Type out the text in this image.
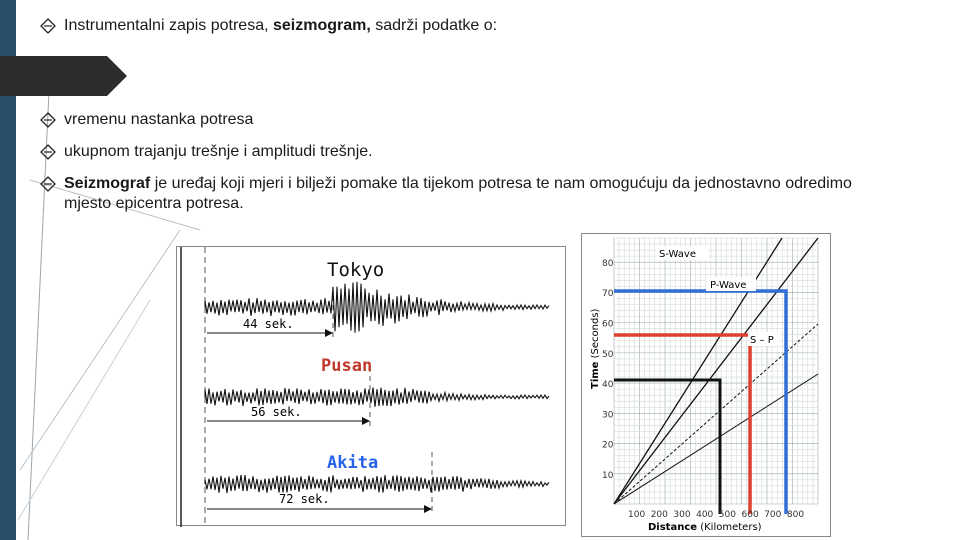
Instrumentalni zapis potresa, seizmogram, sadrži podatke o:
vremenu nastanka potresa
ukupnom trajanju trešnje i amplitudi trešnje.
Seizmograf je uređaj koji mjeri i bilježi pomake tla tijekom potresa te nam omogućuju da jednostavno odredimo mjesto epicentra potresa.
Tokyo
Pusan
Akita
44 sek.
56 sek.
72 sek.
S-Wave
P-Wave
S – P
10
20
30
40
50
60
70
80
100 200 300 400 500 600 700 800
Time (Seconds)
Distance (Kilometers)
